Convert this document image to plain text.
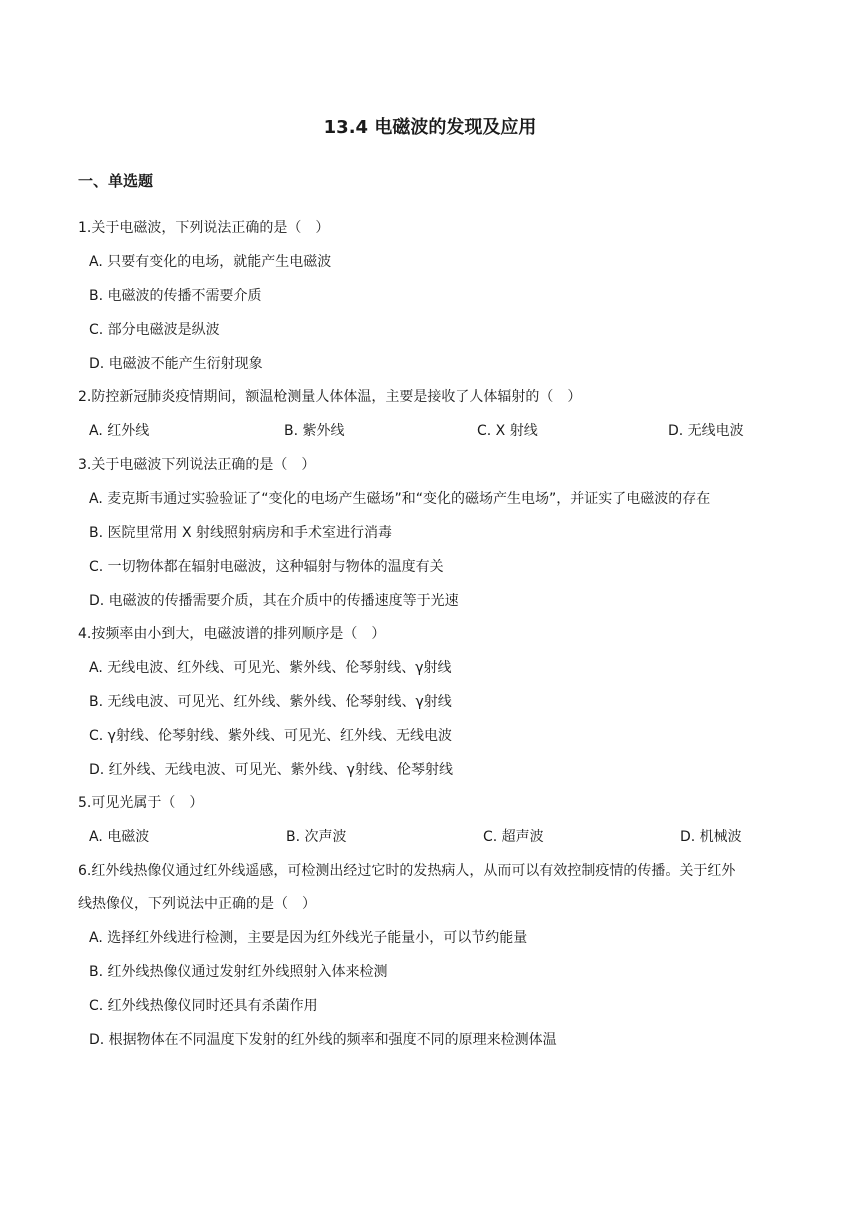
13.4 电磁波的发现及应用
一、单选题
1.关于电磁波，下列说法正确的是（　）
A. 只要有变化的电场，就能产生电磁波
B. 电磁波的传播不需要介质
C. 部分电磁波是纵波
D. 电磁波不能产生衍射现象
2.防控新冠肺炎疫情期间，额温枪测量人体体温，主要是接收了人体辐射的（　）
A. 红外线	B. 紫外线	C. X 射线	D. 无线电波
3.关于电磁波下列说法正确的是（　）
A. 麦克斯韦通过实验验证了“变化的电场产生磁场”和“变化的磁场产生电场”，并证实了电磁波的存在
B. 医院里常用 X 射线照射病房和手术室进行消毒
C. 一切物体都在辐射电磁波，这种辐射与物体的温度有关
D. 电磁波的传播需要介质，其在介质中的传播速度等于光速
4.按频率由小到大，电磁波谱的排列顺序是（　）
A. 无线电波、红外线、可见光、紫外线、伦琴射线、γ射线
B. 无线电波、可见光、红外线、紫外线、伦琴射线、γ射线
C. γ射线、伦琴射线、紫外线、可见光、红外线、无线电波
D. 红外线、无线电波、可见光、紫外线、γ射线、伦琴射线
5.可见光属于（　）
A. 电磁波	B. 次声波	C. 超声波	D. 机械波
6.红外线热像仪通过红外线遥感，可检测出经过它时的发热病人，从而可以有效控制疫情的传播。关于红外
线热像仪，下列说法中正确的是（　）
A. 选择红外线进行检测，主要是因为红外线光子能量小，可以节约能量
B. 红外线热像仪通过发射红外线照射入体来检测
C. 红外线热像仪同时还具有杀菌作用
D. 根据物体在不同温度下发射的红外线的频率和强度不同的原理来检测体温
